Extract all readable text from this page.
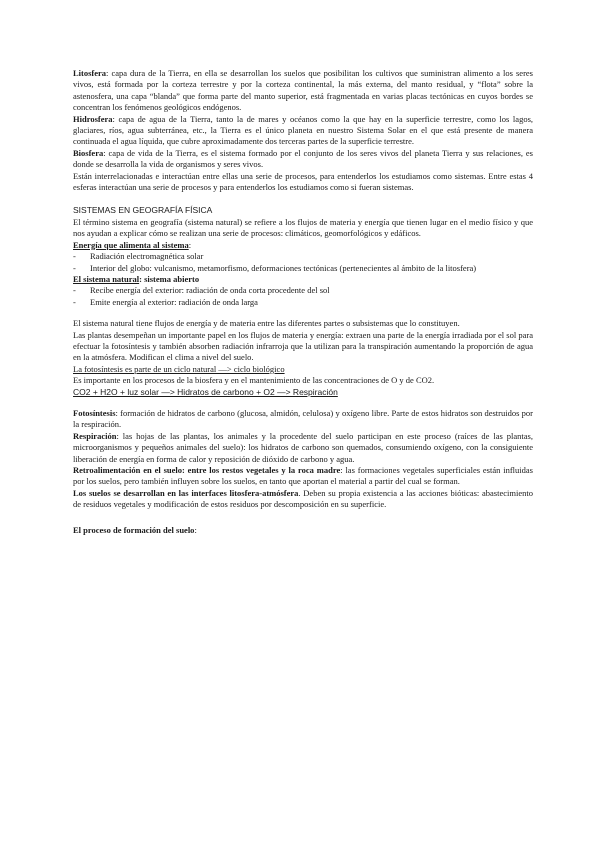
Litosfera: capa dura de la Tierra, en ella se desarrollan los suelos que posibilitan los cultivos que suministran alimento a los seres vivos, está formada por la corteza terrestre y por la corteza continental, la más externa, del manto residual, y “flota” sobre la astenosfera, una capa “blanda” que forma parte del manto superior, está fragmentada en varias placas tectónicas en cuyos bordes se concentran los fenómenos geológicos endógenos.

Hidrosfera: capa de agua de la Tierra, tanto la de mares y océanos como la que hay en la superficie terrestre, como los lagos, glaciares, ríos, agua subterránea, etc., la Tierra es el único planeta en nuestro Sistema Solar en el que está presente de manera continuada el agua líquida, que cubre aproximadamente dos terceras partes de la superficie terrestre.

Biosfera: capa de vida de la Tierra, es el sistema formado por el conjunto de los seres vivos del planeta Tierra y sus relaciones, es donde se desarrolla la vida de organismos y seres vivos.

Están interrelacionadas e interactúan entre ellas una serie de procesos, para entenderlos los estudiamos como sistemas. Entre estas 4 esferas interactúan una serie de procesos y para entenderlos los estudiamos como si fueran sistemas.

SISTEMAS EN GEOGRAFÍA FÍSICA

El término sistema en geografía (sistema natural) se refiere a los flujos de materia y energía que tienen lugar en el medio físico y que nos ayudan a explicar cómo se realizan una serie de procesos: climáticos, geomorfológicos y edáficos.

Energía que alimenta al sistema:

- Radiación electromagnética solar
- Interior del globo: vulcanismo, metamorfismo, deformaciones tectónicas (pertenecientes al ámbito de la litosfera)

El sistema natural: sistema abierto

- Recibe energía del exterior: radiación de onda corta procedente del sol
- Emite energía al exterior: radiación de onda larga

El sistema natural tiene flujos de energía y de materia entre las diferentes partes o subsistemas que lo constituyen.

Las plantas desempeñan un importante papel en los flujos de materia y energía: extraen una parte de la energía irradiada por el sol para efectuar la fotosíntesis y también absorben radiación infrarroja que la utilizan para la transpiración aumentando la proporción de agua en la atmósfera. Modifican el clima a nivel del suelo.

La fotosíntesis es parte de un ciclo natural —> ciclo biológico

Es importante en los procesos de la biosfera y en el mantenimiento de las concentraciones de O y de CO2.

CO2 + H2O + luz solar —> Hidratos de carbono + O2 —> Respiración

Fotosíntesis: formación de hidratos de carbono (glucosa, almidón, celulosa) y oxígeno libre. Parte de estos hidratos son destruidos por la respiración.

Respiración: las hojas de las plantas, los animales y la procedente del suelo participan en este proceso (raíces de las plantas, microorganismos y pequeños animales del suelo): los hidratos de carbono son quemados, consumiendo oxígeno, con la consiguiente liberación de energía en forma de calor y reposición de dióxido de carbono y agua.

Retroalimentación en el suelo: entre los restos vegetales y la roca madre: las formaciones vegetales superficiales están influidas por los suelos, pero también influyen sobre los suelos, en tanto que aportan el material a partir del cual se forman.

Los suelos se desarrollan en las interfaces litosfera-atmósfera. Deben su propia existencia a las acciones bióticas: abastecimiento de residuos vegetales y modificación de estos residuos por descomposición en su superficie.

El proceso de formación del suelo:
